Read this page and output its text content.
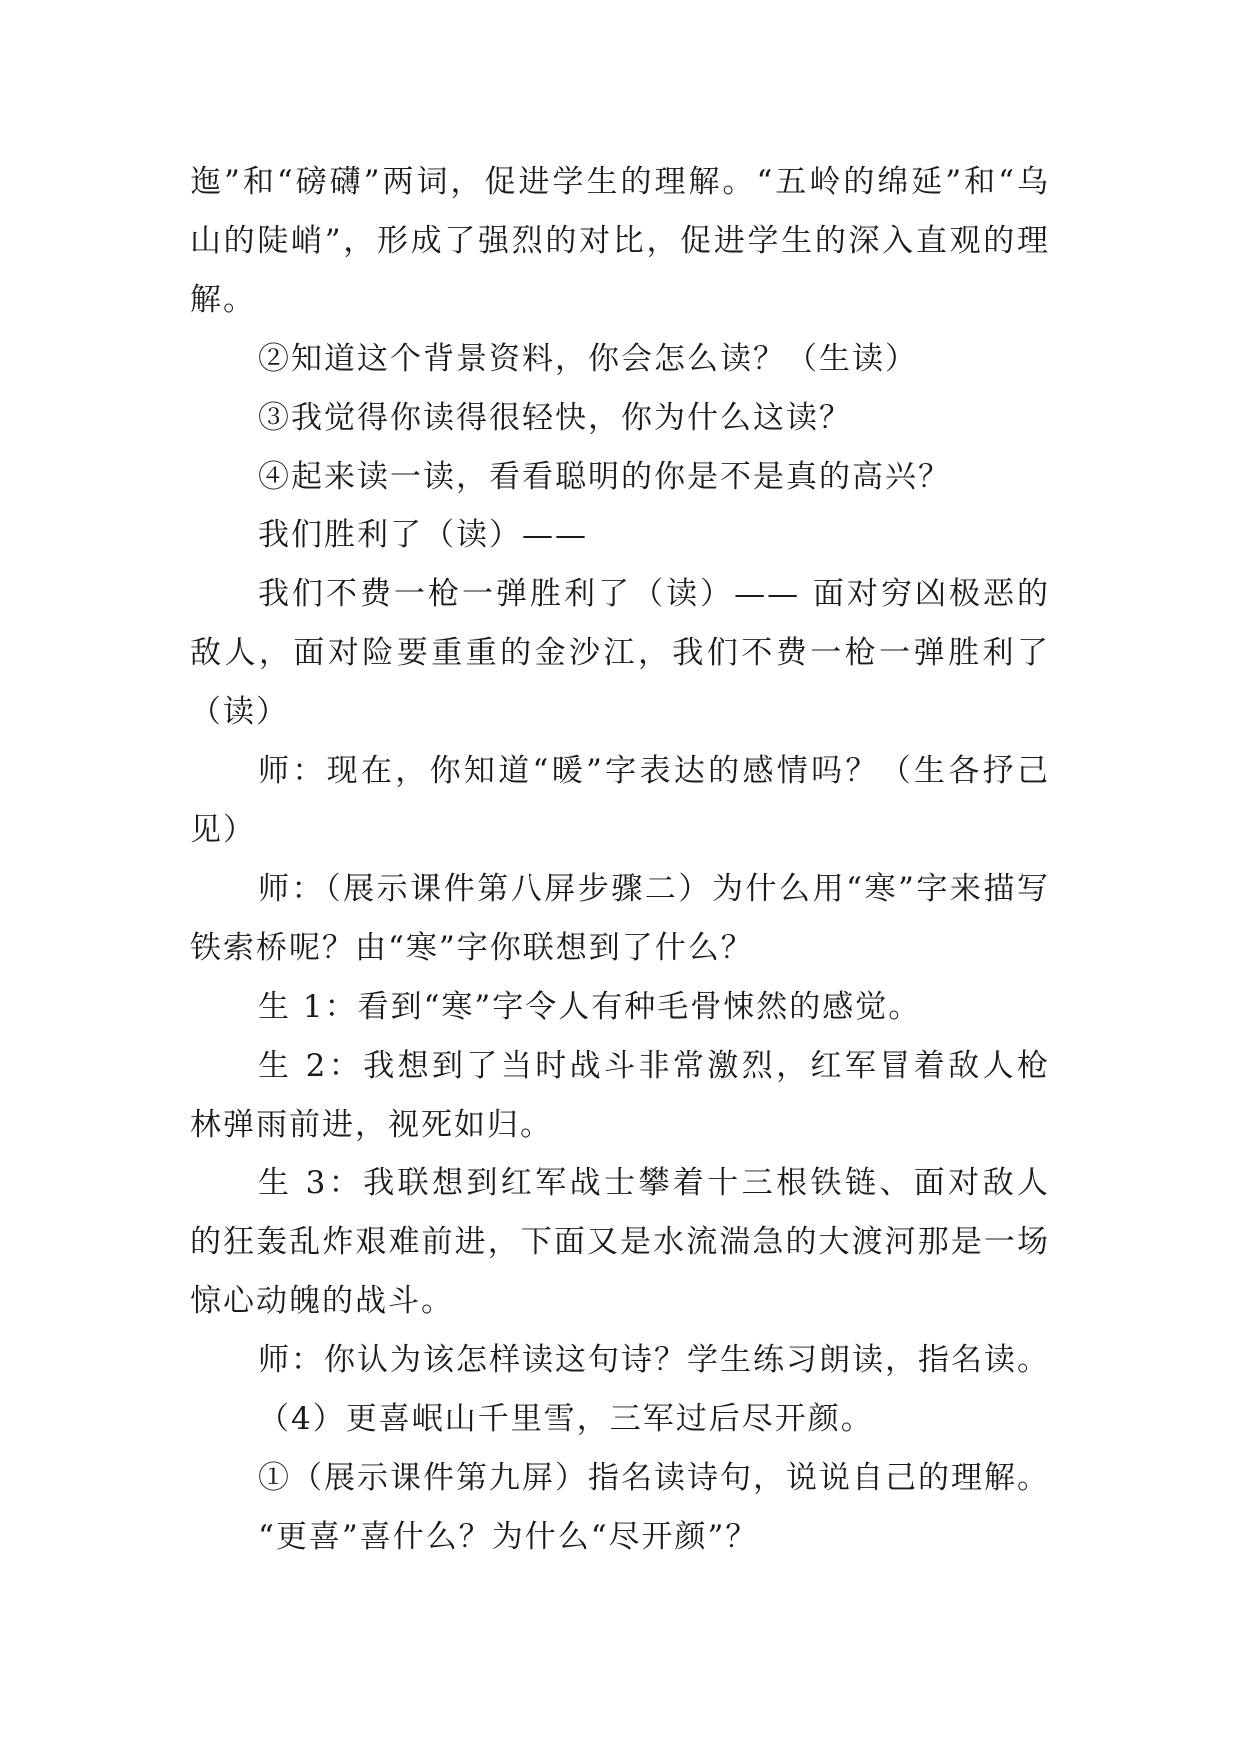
迤”和“磅礴”两词，促进学生的理解。“五岭的绵延”和“乌山的陡峭”，形成了强烈的对比，促进学生的深入直观的理解。

②知道这个背景资料，你会怎么读？（生读）

③我觉得你读得很轻快，你为什么这读？

④起来读一读，看看聪明的你是不是真的高兴？

我们胜利了（读）——

我们不费一枪一弹胜利了（读）—— 面对穷凶极恶的敌人，面对险要重重的金沙江，我们不费一枪一弹胜利了（读）

师：现在，你知道“暖”字表达的感情吗？（生各抒己见）

师：（展示课件第八屏步骤二）为什么用“寒”字来描写铁索桥呢？由“寒”字你联想到了什么？

生 1：看到“寒”字令人有种毛骨悚然的感觉。

生 2：我想到了当时战斗非常激烈，红军冒着敌人枪林弹雨前进，视死如归。

生 3：我联想到红军战士攀着十三根铁链、面对敌人的狂轰乱炸艰难前进，下面又是水流湍急的大渡河那是一场惊心动魄的战斗。

师：你认为该怎样读这句诗？学生练习朗读，指名读。

（4）更喜岷山千里雪，三军过后尽开颜。

①（展示课件第九屏）指名读诗句，说说自己的理解。

“更喜”喜什么？为什么“尽开颜”？
